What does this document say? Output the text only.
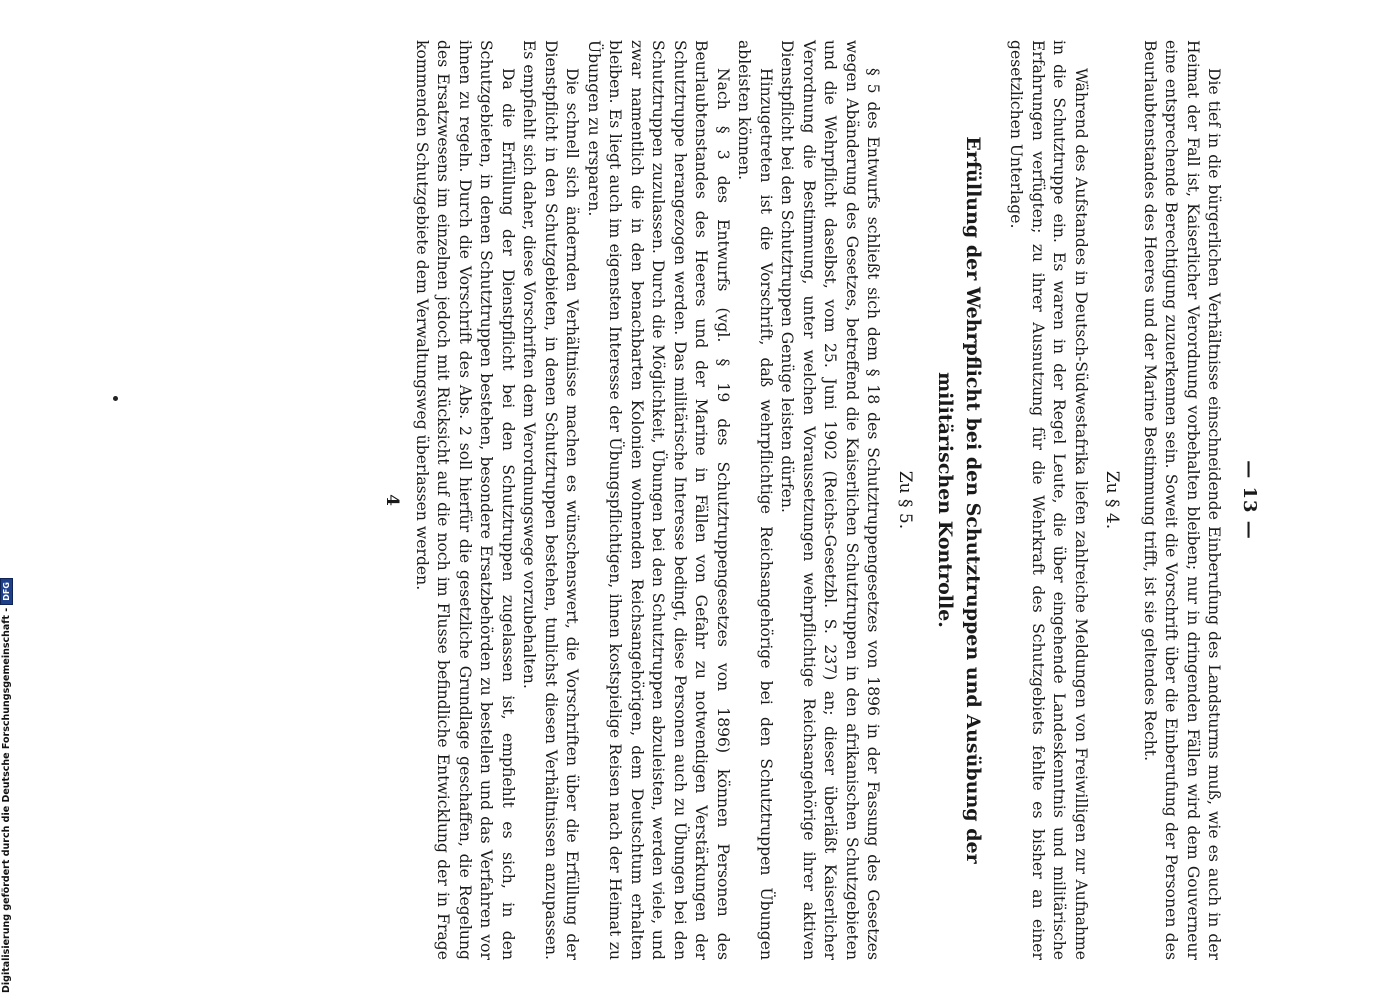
— 13 —

Die tief in die bürgerlichen Verhältnisse einschneidende Einberufung des Landsturms muß, wie es auch in der Heimat der Fall ist, Kaiserlicher Verordnung vorbehalten bleiben; nur in dringenden Fällen wird dem Gouverneur eine entsprechende Berechtigung zuzuerkennen sein. Soweit die Vorschrift über die Einberufung der Personen des Beurlaubtenstandes des Heeres und der Marine Bestimmung trifft, ist sie geltendes Recht.

Zu § 4.

Während des Aufstandes in Deutsch-Südwestafrika liefen zahlreiche Meldungen von Freiwilligen zur Aufnahme in die Schutztruppe ein. Es waren in der Regel Leute, die über eingehende Landeskenntnis und militärische Erfahrungen verfügten; zu ihrer Ausnutzung für die Wehrkraft des Schutzgebiets fehlte es bisher an einer gesetzlichen Unterlage.

Erfüllung der Wehrpflicht bei den Schutztruppen und Ausübung der militärischen Kontrolle.
Zu § 5.

§ 5 des Entwurfs schließt sich dem § 18 des Schutztruppengesetzes von 1896 in der Fassung des Gesetzes wegen Abänderung des Gesetzes, betreffend die Kaiserlichen Schutztruppen in den afrikanischen Schutzgebieten und die Wehrpflicht daselbst, vom 25. Juni 1902 (Reichs-Gesetzbl. S. 237) an; dieser überläßt Kaiserlicher Verordnung die Bestimmung, unter welchen Voraussetzungen wehrpflichtige Reichsangehörige ihrer aktiven Dienstpflicht bei den Schutztruppen Genüge leisten dürfen.

Hinzugetreten ist die Vorschrift, daß wehrpflichtige Reichsangehörige bei den Schutztruppen Übungen ableisten können.

Nach § 3 des Entwurfs (vgl. § 19 des Schutztruppengesetzes von 1896) können Personen des Beurlaubtenstandes des Heeres und der Marine in Fällen von Gefahr zu notwendigen Verstärkungen der Schutztruppe herangezogen werden. Das militärische Interesse bedingt, diese Personen auch zu Übungen bei den Schutztruppen zuzulassen. Durch die Möglichkeit, Übungen bei den Schutztruppen abzuleisten, werden viele, und zwar namentlich die in den benachbarten Kolonien wohnenden Reichsangehörigen, dem Deutschtum erhalten bleiben. Es liegt auch im eigensten Interesse der Übungspflichtigen, ihnen kostspielige Reisen nach der Heimat zu Übungen zu ersparen.

Die schnell sich ändernden Verhältnisse machen es wünschenswert, die Vorschriften über die Erfüllung der Dienstpflicht in den Schutzgebieten, in denen Schutztruppen bestehen, tunlichst diesen Verhältnissen anzupassen. Es empfiehlt sich daher, diese Vorschriften dem Verordnungswege vorzubehalten.

Da die Erfüllung der Dienstpflicht bei den Schutztruppen zugelassen ist, empfiehlt es sich, in den Schutzgebieten, in denen Schutztruppen bestehen, besondere Ersatzbehörden zu bestellen und das Verfahren vor ihnen zu regeln. Durch die Vorschrift des Abs. 2 soll hierfür die gesetzliche Grundlage geschaffen, die Regelung des Ersatzwesens im einzelnen jedoch mit Rücksicht auf die noch im Flusse befindliche Entwicklung der in Frage kommenden Schutzgebiete dem Verwaltungsweg überlassen werden.

4
Digitalisierung gefördert durch die Deutsche Forschungsgemeinschaft -
DFG
